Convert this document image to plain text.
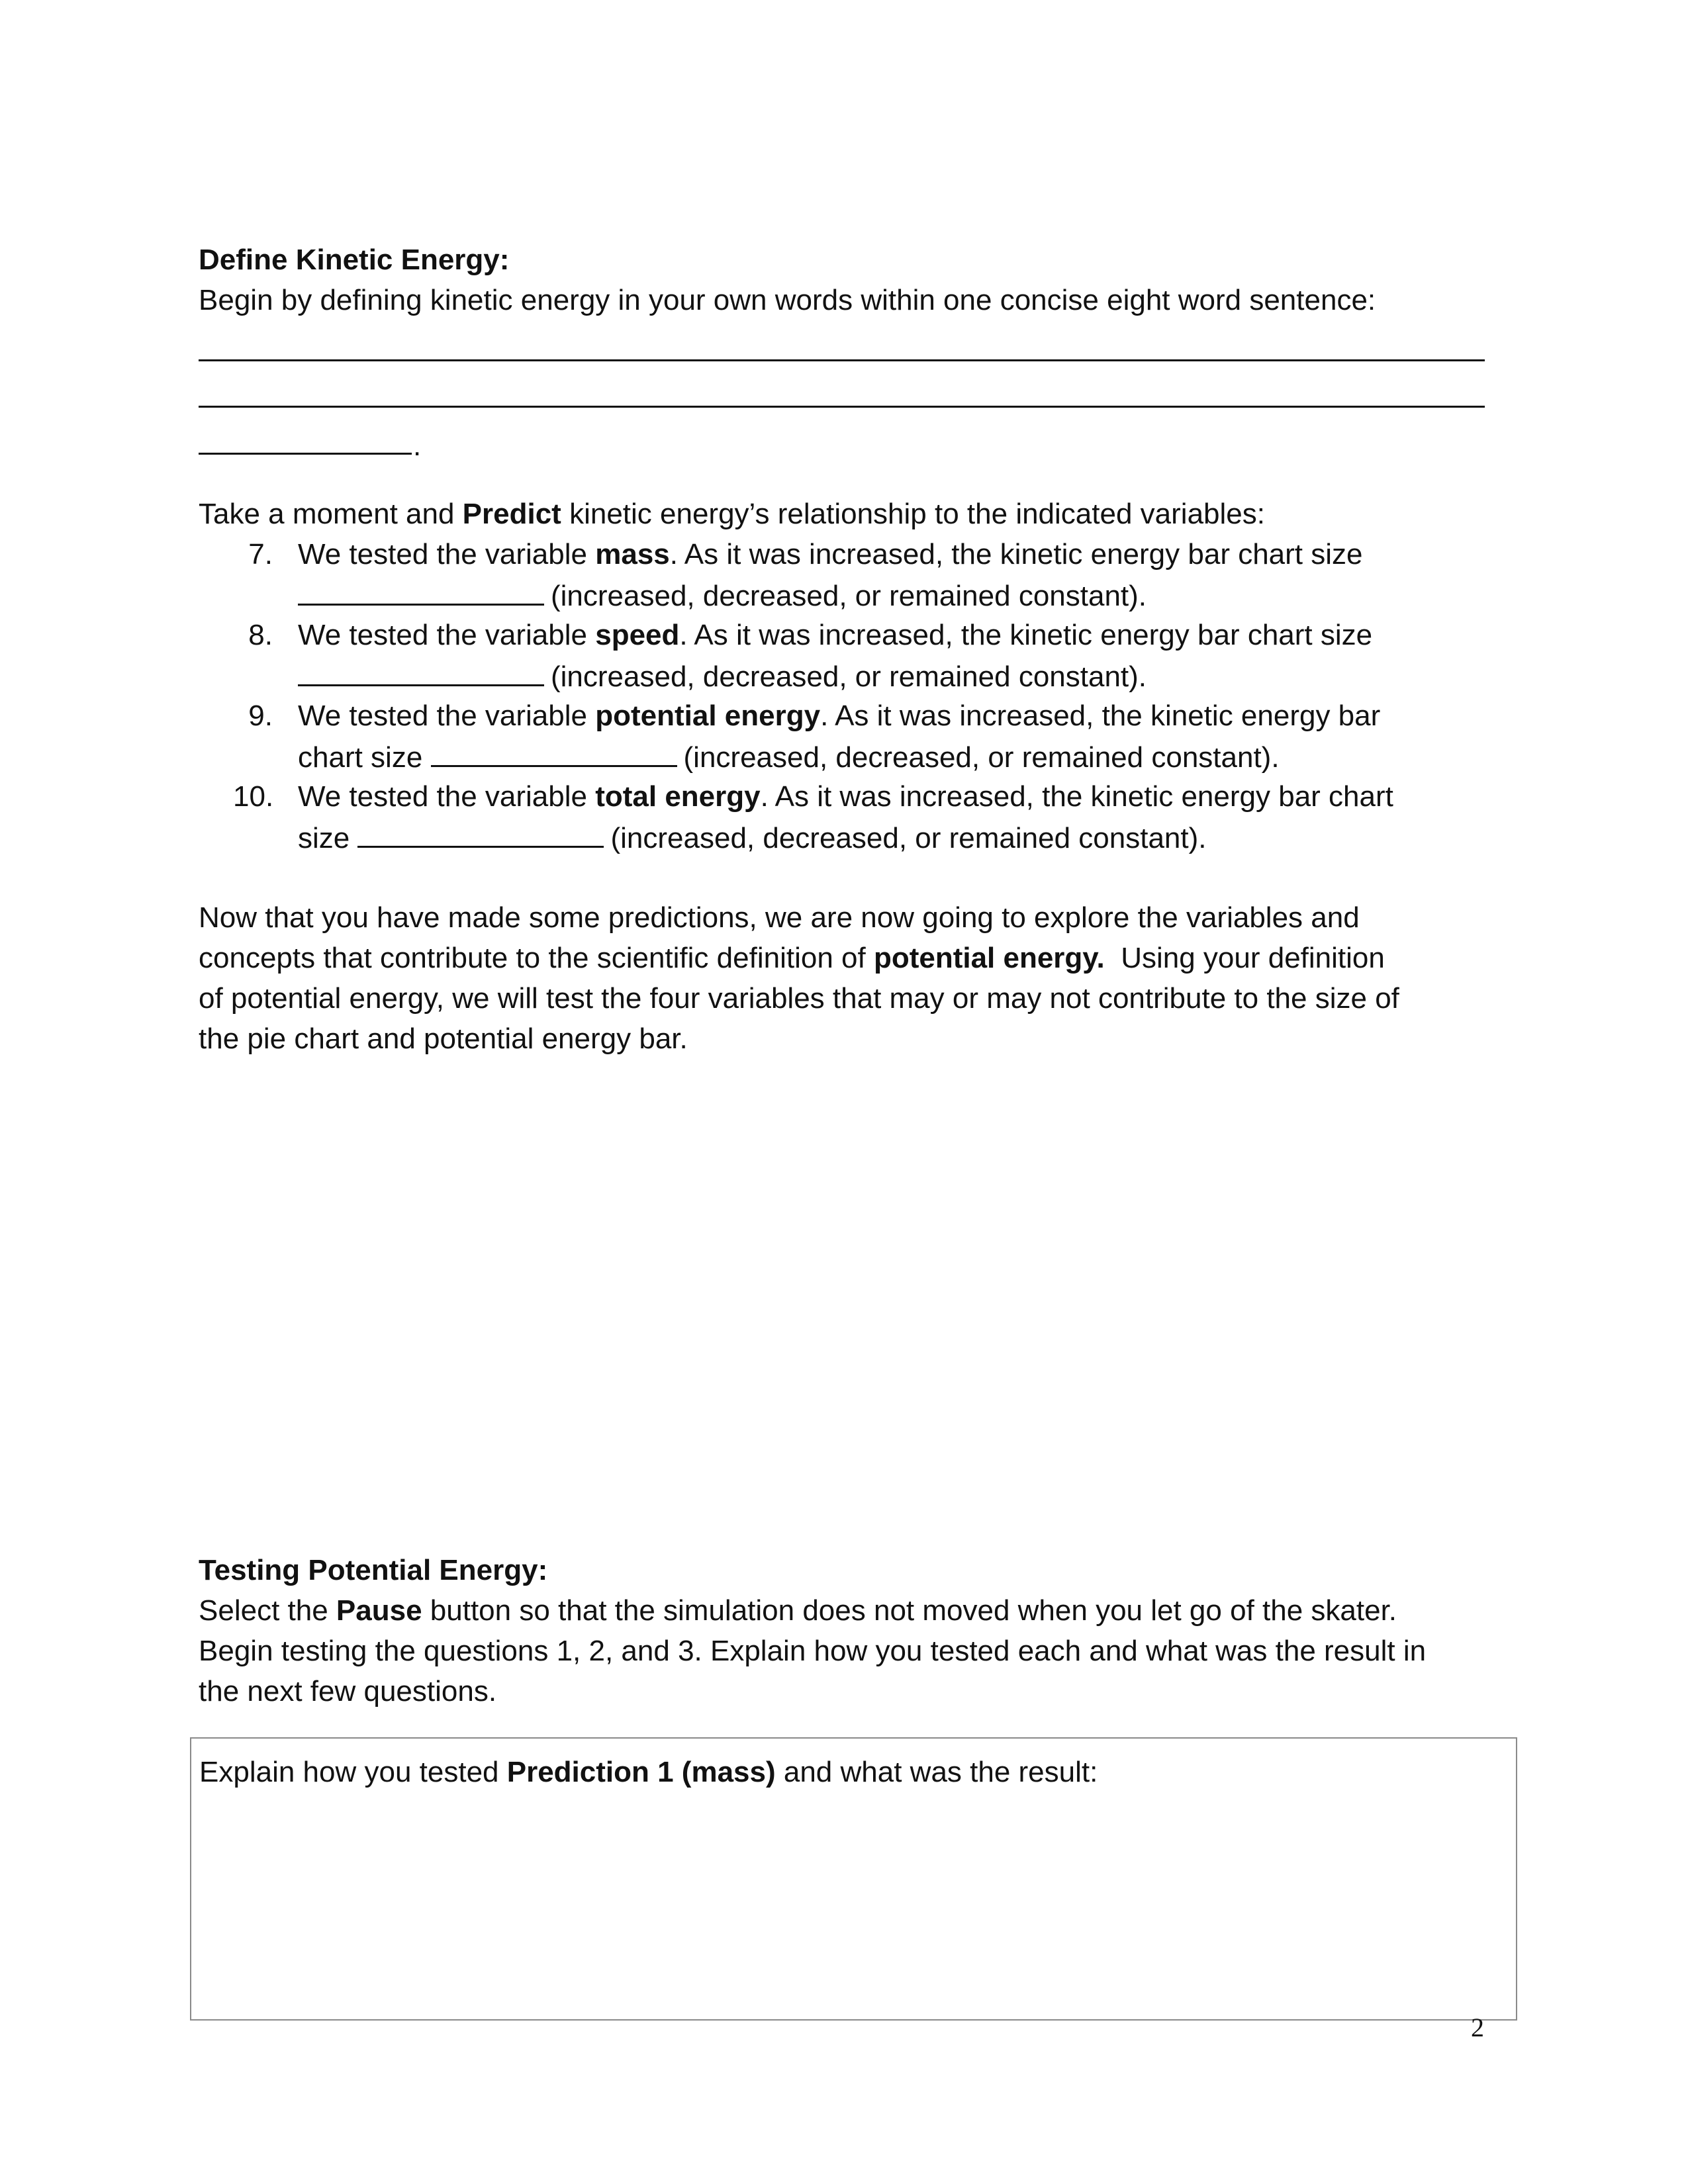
Define Kinetic Energy:
Begin by defining kinetic energy in your own words within one concise eight word sentence:
.
Take a moment and Predict kinetic energy’s relationship to the indicated variables:
7. We tested the variable mass. As it was increased, the kinetic energy bar chart size
(increased, decreased, or remained constant).
8. We tested the variable speed. As it was increased, the kinetic energy bar chart size
(increased, decreased, or remained constant).
9. We tested the variable potential energy. As it was increased, the kinetic energy bar
chart size	(increased, decreased, or remained constant).
10. We tested the variable total energy. As it was increased, the kinetic energy bar chart
size	(increased, decreased, or remained constant).
Now that you have made some predictions, we are now going to explore the variables and
concepts that contribute to the scientific definition of potential energy.  Using your definition
of potential energy, we will test the four variables that may or may not contribute to the size of
the pie chart and potential energy bar.
Testing Potential Energy:
Select the Pause button so that the simulation does not moved when you let go of the skater.
Begin testing the questions 1, 2, and 3. Explain how you tested each and what was the result in
the next few questions.
Explain how you tested Prediction 1 (mass) and what was the result:
2
